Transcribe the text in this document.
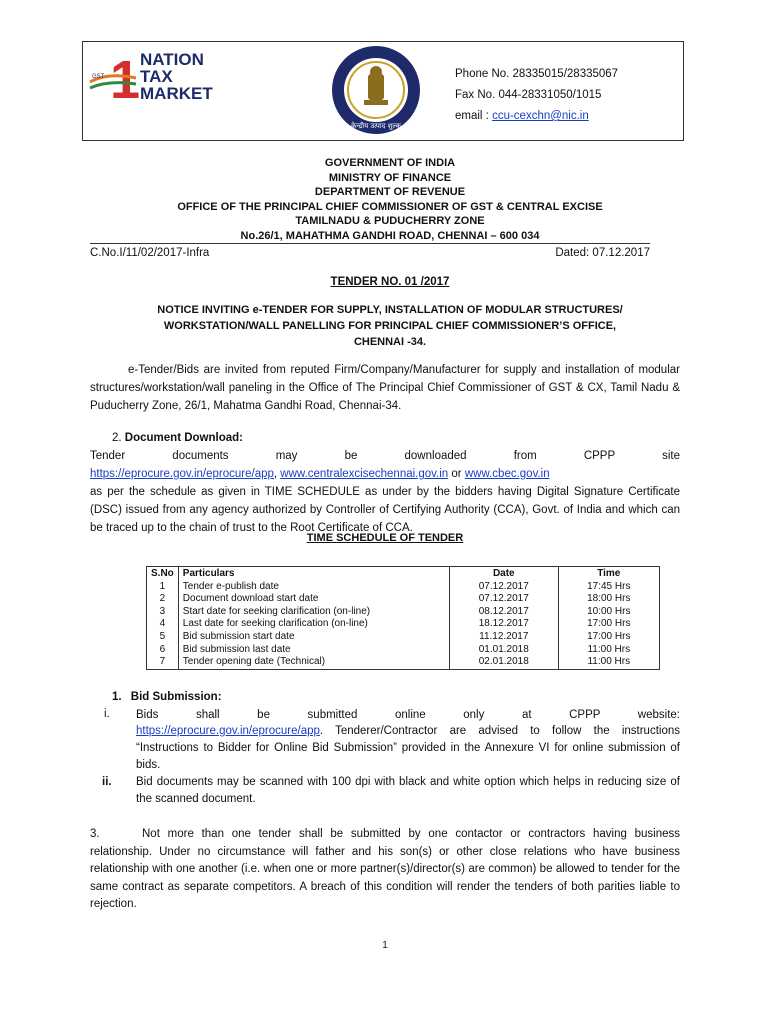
1 NATION
TAX
MARKET
GST
केन्द्रीय उत्पाद शुल्क
Phone No. 28335015/28335067
Fax No. 044-28331050/1015
email : ccu-cexchn@nic.in
GOVERNMENT OF INDIA
MINISTRY OF FINANCE
DEPARTMENT OF REVENUE
OFFICE OF THE PRINCIPAL CHIEF COMMISSIONER OF GST & CENTRAL EXCISE
TAMILNADU & PUDUCHERRY ZONE
No.26/1, MAHATHMA GANDHI ROAD, CHENNAI – 600 034
C.No.I/11/02/2017-Infra	Dated: 07.12.2017
TENDER NO. 01 /2017
NOTICE INVITING e-TENDER FOR SUPPLY, INSTALLATION OF MODULAR STRUCTURES/
WORKSTATION/WALL PANELLING FOR PRINCIPAL CHIEF COMMISSIONER’S OFFICE,
CHENNAI -34.
e-Tender/Bids are invited from reputed Firm/Company/Manufacturer for supply and installation of modular structures/workstation/wall paneling in the Office of The Principal Chief Commissioner of GST & CX, Tamil Nadu & Puducherry Zone, 26/1, Mahatma Gandhi Road, Chennai-34.
2. Document Download:
Tender documents may be downloaded from CPPP site
https://eprocure.gov.in/eprocure/app, www.centralexcisechennai.gov.in or www.cbec.gov.in
as per the schedule as given in TIME SCHEDULE as under by the bidders having Digital Signature Certificate (DSC) issued from any agency authorized by Controller of Certifying Authority (CCA), Govt. of India and which can be traced up to the chain of trust to the Root Certificate of CCA.
TIME SCHEDULE OF TENDER
S.No	Particulars	Date	Time
1	Tender e-publish date	07.12.2017	17:45 Hrs
2	Document download start date	07.12.2017	18:00 Hrs
3	Start date for seeking clarification (on-line)	08.12.2017	10:00 Hrs
4	Last date for seeking clarification (on-line)	18.12.2017	17:00 Hrs
5	Bid submission start date	11.12.2017	17:00 Hrs
6	Bid submission last date	01.01.2018	11:00 Hrs
7	Tender opening date (Technical)	02.01.2018	11:00 Hrs
1. Bid Submission:
i. Bids shall be submitted online only at CPPP website:
https://eprocure.gov.in/eprocure/app. Tenderer/Contractor are advised to follow the instructions “Instructions to Bidder for Online Bid Submission” provided in the Annexure VI for online submission of bids.
ii. Bid documents may be scanned with 100 dpi with black and white option which helps in reducing size of the scanned document.
3.	Not more than one tender shall be submitted by one contactor or contractors having business relationship. Under no circumstance will father and his son(s) or other close relations who have business relationship with one another (i.e. when one or more partner(s)/director(s) are common) be allowed to tender for the same contract as separate competitors. A breach of this condition will render the tenders of both parities liable to rejection.
1
